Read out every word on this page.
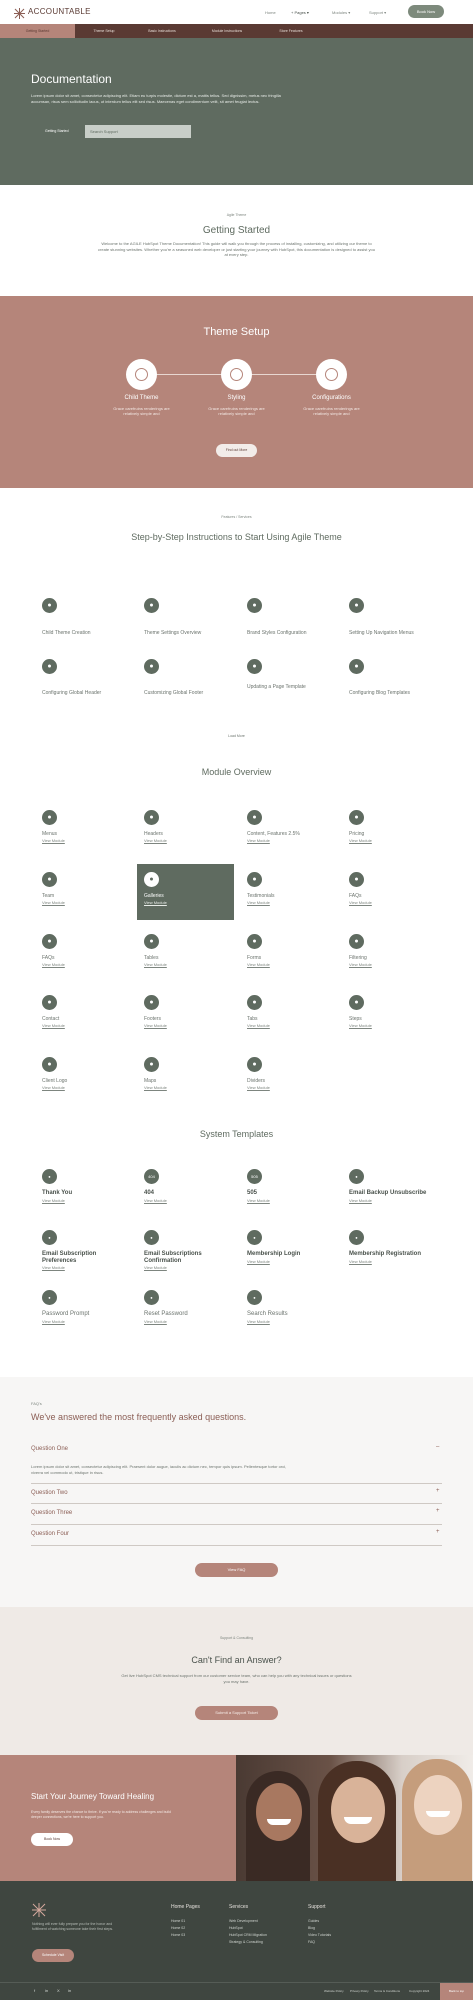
ACCOUNTABLE	Home	+ Pages ▾	Modules ▾	Support ▾	Book Now
Getting Started	Theme Setup	Basic Instructions	Module Instructions	Store Features
Documentation
Lorem ipsum dolor sit amet, consectetur adipiscing elit. Etiam eu turpis molestie, dictum est a, mattis tellus. Sed dignissim, metus nec fringilla accumsan, risus sem sollicitudin lacus, ut interdum tellus elit sed risus. Maecenas eget condimentum velit, sit amet feugiat lectus.
Getting Started	Search Support
Agile Theme
Getting Started
Welcome to the AGILE HubSpot Theme Documentation! This guide will walk you through the process of installing, customizing, and utilizing our theme to create stunning websites. Whether you're a seasoned web developer or just starting your journey with HubSpot, this documentation is designed to assist you at every step.
Theme Setup
Child Theme
Grace carefruins renderings are relatively simple and
Styling
Grace carefruins renderings are relatively simple and
Configurations
Grace carefruins renderings are relatively simple and
Find out More
Features / Services
Step-by-Step Instructions to Start Using Agile Theme
●
Child Theme Creation
●
Theme Settings Overview
●
Brand Styles Configuration
●
Setting Up Navigation Menus
●
Configuring Global Header
●
Customizing Global Footer
●
Updating a Page Template
●
Configuring Blog Templates
Load More
Module Overview
●
Menus
View Module
●
Headers
View Module
●
Content, Features 2.5%
View Module
●
Pricing
View Module
●
Team
View Module
●
Galleries
View Module
●
Testimonials
View Module
●
FAQs
View Module
●
FAQs
View Module
●
Tables
View Module
●
Forms
View Module
●
Filtering
View Module
●
Contact
View Module
●
Footers
View Module
●
Tabs
View Module
●
Steps
View Module
●
Client Logo
View Module
●
Maps
View Module
●
Dividers
View Module
System Templates
●
Thank You
View Module
404
404
View Module
505
505
View Module
●
Email Backup Unsubscribe
View Module
●
Email Subscription Preferences
View Module
●
Email Subscriptions Confirmation
View Module
●
Membership Login
View Module
●
Membership Registration
View Module
●
Password Prompt
View Module
●
Reset Password
View Module
●
Search Results
View Module
FAQ's
We've answered the most frequently asked questions.
Question One	–
Lorem ipsum dolor sit amet, consectetur adipiscing elit. Praesent dolor augue, iaculis ac dictum nec, tempor quis ipsum. Pellentesque tortor orci, viverra vel commodo ut, tristique in risus.
Question Two	+
Question Three	+
Question Four	+
View FAQ
Support & Consulting
Can't Find an Answer?
Get live HubSpot CMS technical support from our customer service team, who can help you with any technical issues or questions you may have.
Submit a Support Ticket
Start Your Journey Toward Healing
Every family deserves the chance to thrive. If you're ready to address challenges and build deeper connections, we're here to support you.
Book Now
Nothing will ever fully prepare you for the honor and fulfillment of watching someone take their first steps.
Schedule Visit
Home Pages
Home 01
Home 02
Home 03
Services
Web Development
HubSpot
HubSpot CRM Migration
Strategy & Consulting
Support
Guides
Blog
Video Tutorials
FAQ
f in X in	Website Policy Privacy Policy Terms & Conditions	Copyright 2024	Back to top
